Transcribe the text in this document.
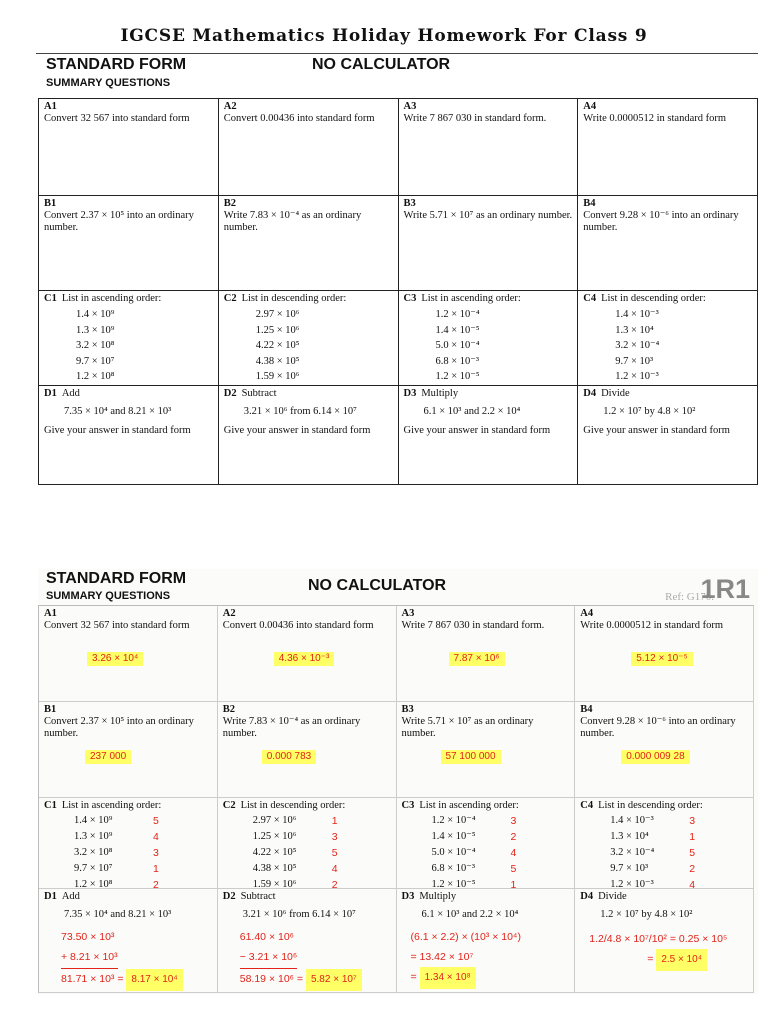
IGCSE Mathematics Holiday Homework For Class 9
STANDARD FORM
SUMMARY QUESTIONS
NO CALCULATOR
A1
Convert 32 567 into standard form
A2
Convert 0.00436 into standard form
A3
Write 7 867 030 in standard form.
A4
Write 0.0000512 in standard form
B1
Convert 2.37 × 10⁵ into an ordinary number.
B2
Write 7.83 × 10⁻⁴ as an ordinary number.
B3
Write 5.71 × 10⁷ as an ordinary number.
B4
Convert 9.28 × 10⁻⁶ into an ordinary number.
C1 List in ascending order:
1.4 × 10⁹
1.3 × 10⁹
3.2 × 10⁸
9.7 × 10⁷
1.2 × 10⁸
C2 List in descending order:
2.97 × 10⁶
1.25 × 10⁶
4.22 × 10⁵
4.38 × 10⁵
1.59 × 10⁶
C3 List in ascending order:
1.2 × 10⁻⁴
1.4 × 10⁻⁵
5.0 × 10⁻⁴
6.8 × 10⁻³
1.2 × 10⁻⁵
C4 List in descending order:
1.4 × 10⁻³
1.3 × 10⁴
3.2 × 10⁻⁴
9.7 × 10³
1.2 × 10⁻³
D1 Add
7.35 × 10⁴ and 8.21 × 10³
Give your answer in standard form
D2 Subtract
3.21 × 10⁶ from 6.14 × 10⁷
Give your answer in standard form
D3 Multiply
6.1 × 10³ and 2.2 × 10⁴
Give your answer in standard form
D4 Divide
1.2 × 10⁷ by 4.8 × 10²
Give your answer in standard form
STANDARD FORM
SUMMARY QUESTIONS
NO CALCULATOR
Ref: G170.
1R1
A1
Convert 32 567 into standard form
3.26 × 10⁴
A2
Convert 0.00436 into standard form
4.36 × 10⁻³
A3
Write 7 867 030 in standard form.
7.87 × 10⁶
A4
Write 0.0000512 in standard form
5.12 × 10⁻⁵
B1
Convert 2.37 × 10⁵ into an ordinary number.
237 000
B2
Write 7.83 × 10⁻⁴ as an ordinary number.
0.000 783
B3
Write 5.71 × 10⁷ as an ordinary number.
57 100 000
B4
Convert 9.28 × 10⁻⁶ into an ordinary number.
0.000 009 28
C1 List in ascending order:
1.4 × 10⁹	5
1.3 × 10⁹	4
3.2 × 10⁸	3
9.7 × 10⁷	1
1.2 × 10⁸	2
C2 List in descending order:
2.97 × 10⁶	1
1.25 × 10⁶	3
4.22 × 10⁵	5
4.38 × 10⁵	4
1.59 × 10⁶	2
C3 List in ascending order:
1.2 × 10⁻⁴	3
1.4 × 10⁻⁵	2
5.0 × 10⁻⁴	4
6.8 × 10⁻³	5
1.2 × 10⁻⁵	1
C4 List in descending order:
1.4 × 10⁻³	3
1.3 × 10⁴	1
3.2 × 10⁻⁴	5
9.7 × 10³	2
1.2 × 10⁻³	4
D1 Add
7.35 × 10⁴ and 8.21 × 10³
73.50 × 10³
+ 8.21 × 10³
81.71 × 10³ = 8.17 × 10⁴
D2 Subtract
3.21 × 10⁶ from 6.14 × 10⁷
61.40 × 10⁶
− 3.21 × 10⁶
58.19 × 10⁶ = 5.82 × 10⁷
D3 Multiply
6.1 × 10³ and 2.2 × 10⁴
(6.1 × 2.2) × (10³ × 10⁴)
= 13.42 × 10⁷
= 1.34 × 10⁸
D4 Divide
1.2 × 10⁷ by 4.8 × 10²
1.2/4.8 × 10⁷/10² = 0.25 × 10⁵
= 2.5 × 10⁴
